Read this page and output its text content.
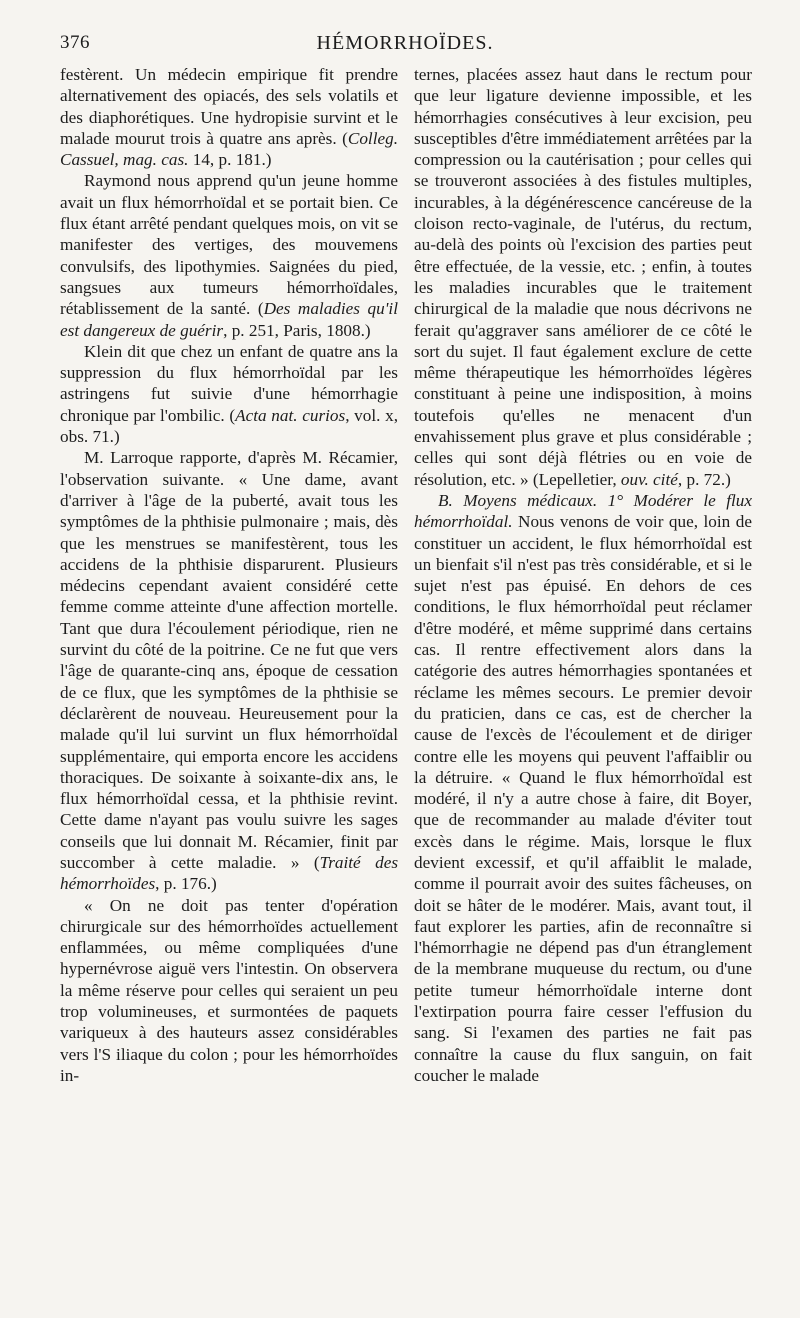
376	HÉMORRHOÏDES.

festèrent. Un médecin empirique fit prendre alternativement des opiacés, des sels volatils et des diaphorétiques. Une hydropisie survint et le malade mourut trois à quatre ans après. (Colleg. Cassuel, mag. cas. 14, p. 181.)

Raymond nous apprend qu'un jeune homme avait un flux hémorrhoïdal et se portait bien. Ce flux étant arrêté pendant quelques mois, on vit se manifester des vertiges, des mouvemens convulsifs, des lipothymies. Saignées du pied, sangsues aux tumeurs hémorrhoïdales, rétablissement de la santé. (Des maladies qu'il est dangereux de guérir, p. 251, Paris, 1808.)

Klein dit que chez un enfant de quatre ans la suppression du flux hémorrhoïdal par les astringens fut suivie d'une hémorrhagie chronique par l'ombilic. (Acta nat. curios, vol. x, obs. 71.)

M. Larroque rapporte, d'après M. Récamier, l'observation suivante. « Une dame, avant d'arriver à l'âge de la puberté, avait tous les symptômes de la phthisie pulmonaire ; mais, dès que les menstrues se manifestèrent, tous les accidens de la phthisie disparurent. Plusieurs médecins cependant avaient considéré cette femme comme atteinte d'une affection mortelle. Tant que dura l'écoulement périodique, rien ne survint du côté de la poitrine. Ce ne fut que vers l'âge de quarante-cinq ans, époque de cessation de ce flux, que les symptômes de la phthisie se déclarèrent de nouveau. Heureusement pour la malade qu'il lui survint un flux hémorrhoïdal supplémentaire, qui emporta encore les accidens thoraciques. De soixante à soixante-dix ans, le flux hémorrhoïdal cessa, et la phthisie revint. Cette dame n'ayant pas voulu suivre les sages conseils que lui donnait M. Récamier, finit par succomber à cette maladie. » (Traité des hémorrhoïdes, p. 176.)

« On ne doit pas tenter d'opération chirurgicale sur des hémorrhoïdes actuellement enflammées, ou même compliquées d'une hypernévrose aiguë vers l'intestin. On observera la même réserve pour celles qui seraient un peu trop volumineuses, et surmontées de paquets variqueux à des hauteurs assez considérables vers l'S iliaque du colon ; pour les hémorrhoïdes in-

ternes, placées assez haut dans le rectum pour que leur ligature devienne impossible, et les hémorrhagies consécutives à leur excision, peu susceptibles d'être immédiatement arrêtées par la compression ou la cautérisation ; pour celles qui se trouveront associées à des fistules multiples, incurables, à la dégénérescence cancéreuse de la cloison recto-vaginale, de l'utérus, du rectum, au-delà des points où l'excision des parties peut être effectuée, de la vessie, etc. ; enfin, à toutes les maladies incurables que le traitement chirurgical de la maladie que nous décrivons ne ferait qu'aggraver sans améliorer de ce côté le sort du sujet. Il faut également exclure de cette même thérapeutique les hémorrhoïdes légères constituant à peine une indisposition, à moins toutefois qu'elles ne menacent d'un envahissement plus grave et plus considérable ; celles qui sont déjà flétries ou en voie de résolution, etc. » (Lepelletier, ouv. cité, p. 72.)

B. Moyens médicaux. 1° Modérer le flux hémorrhoïdal. Nous venons de voir que, loin de constituer un accident, le flux hémorrhoïdal est un bienfait s'il n'est pas très considérable, et si le sujet n'est pas épuisé. En dehors de ces conditions, le flux hémorrhoïdal peut réclamer d'être modéré, et même supprimé dans certains cas. Il rentre effectivement alors dans la catégorie des autres hémorrhagies spontanées et réclame les mêmes secours. Le premier devoir du praticien, dans ce cas, est de chercher la cause de l'excès de l'écoulement et de diriger contre elle les moyens qui peuvent l'affaiblir ou la détruire. « Quand le flux hémorrhoïdal est modéré, il n'y a autre chose à faire, dit Boyer, que de recommander au malade d'éviter tout excès dans le régime. Mais, lorsque le flux devient excessif, et qu'il affaiblit le malade, comme il pourrait avoir des suites fâcheuses, on doit se hâter de le modérer. Mais, avant tout, il faut explorer les parties, afin de reconnaître si l'hémorrhagie ne dépend pas d'un étranglement de la membrane muqueuse du rectum, ou d'une petite tumeur hémorrhoïdale interne dont l'extirpation pourra faire cesser l'effusion du sang. Si l'examen des parties ne fait pas connaître la cause du flux sanguin, on fait coucher le malade
